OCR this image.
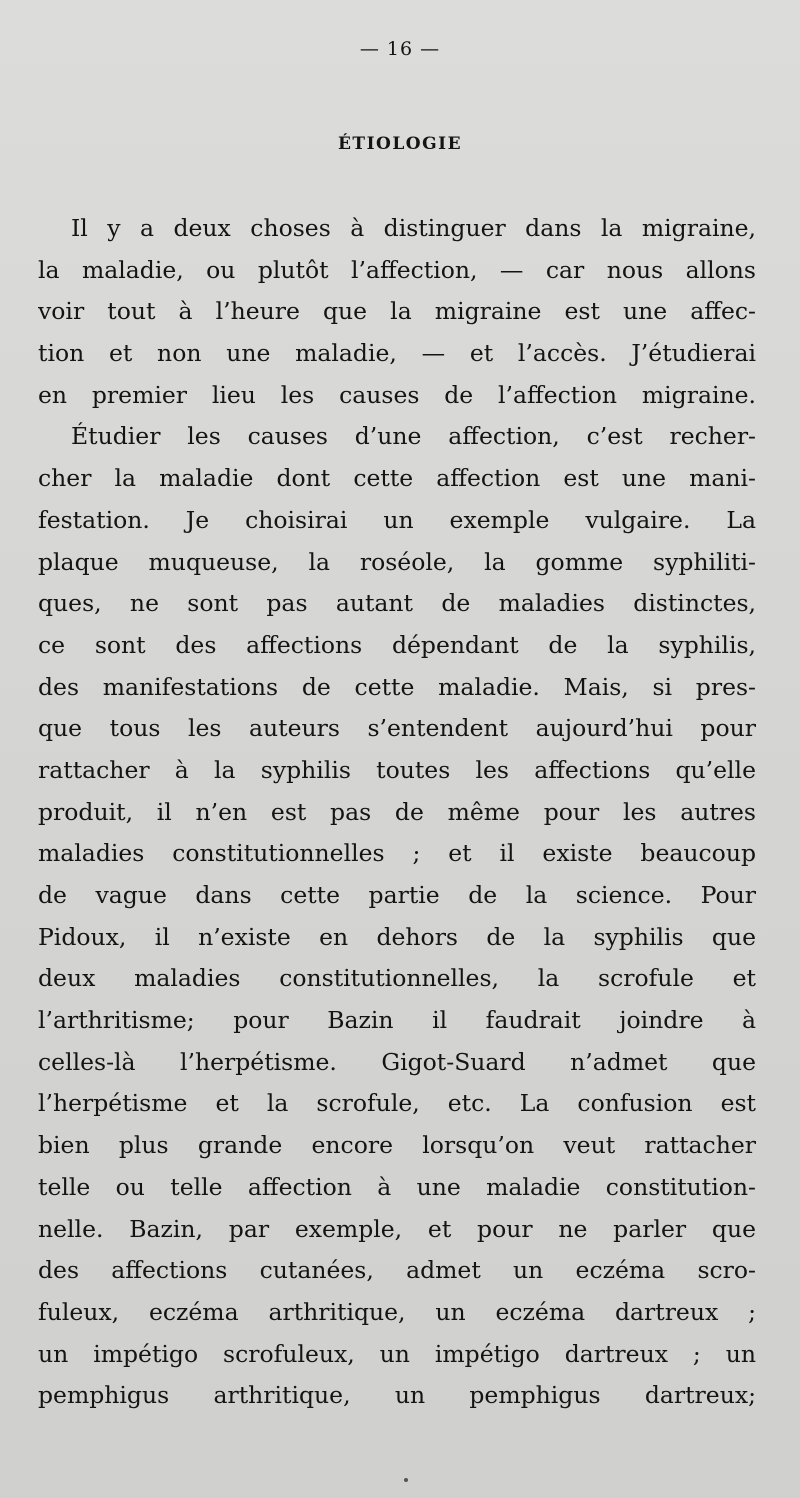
— 16 —
ÉTIOLOGIE
Il y a deux choses à distinguer dans la migraine,
la maladie, ou plutôt l’affection, — car nous allons
voir tout à l’heure que la migraine est une affec-
tion et non une maladie, — et l’accès. J’étudierai
en premier lieu les causes de l’affection migraine.
Étudier les causes d’une affection, c’est recher-
cher la maladie dont cette affection est une mani-
festation. Je choisirai un exemple vulgaire. La
plaque muqueuse, la roséole, la gomme syphiliti-
ques, ne sont pas autant de maladies distinctes,
ce sont des affections dépendant de la syphilis,
des manifestations de cette maladie. Mais, si pres-
que tous les auteurs s’entendent aujourd’hui pour
rattacher à la syphilis toutes les affections qu’elle
produit, il n’en est pas de même pour les autres
maladies constitutionnelles ; et il existe beaucoup
de vague dans cette partie de la science. Pour
Pidoux, il n’existe en dehors de la syphilis que
deux maladies constitutionnelles, la scrofule et
l’arthritisme; pour Bazin il faudrait joindre à
celles-là l’herpétisme. Gigot-Suard n’admet que
l’herpétisme et la scrofule, etc. La confusion est
bien plus grande encore lorsqu’on veut rattacher
telle ou telle affection à une maladie constitution-
nelle. Bazin, par exemple, et pour ne parler que
des affections cutanées, admet un eczéma scro-
fuleux, eczéma arthritique, un eczéma dartreux ;
un impétigo scrofuleux, un impétigo dartreux ; un
pemphigus arthritique, un pemphigus dartreux;
